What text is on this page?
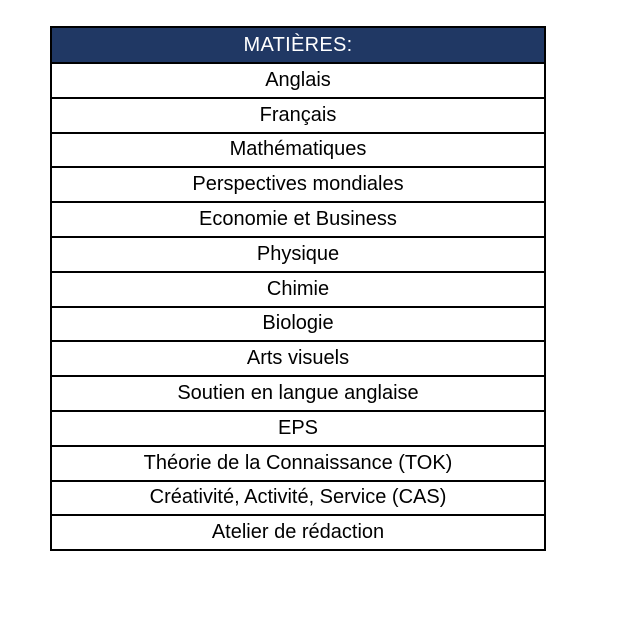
MATIÈRES:
Anglais
Français
Mathématiques
Perspectives mondiales
Economie et Business
Physique
Chimie
Biologie
Arts visuels
Soutien en langue anglaise
EPS
Théorie de la Connaissance (TOK)
Créativité, Activité, Service (CAS)
Atelier de rédaction
